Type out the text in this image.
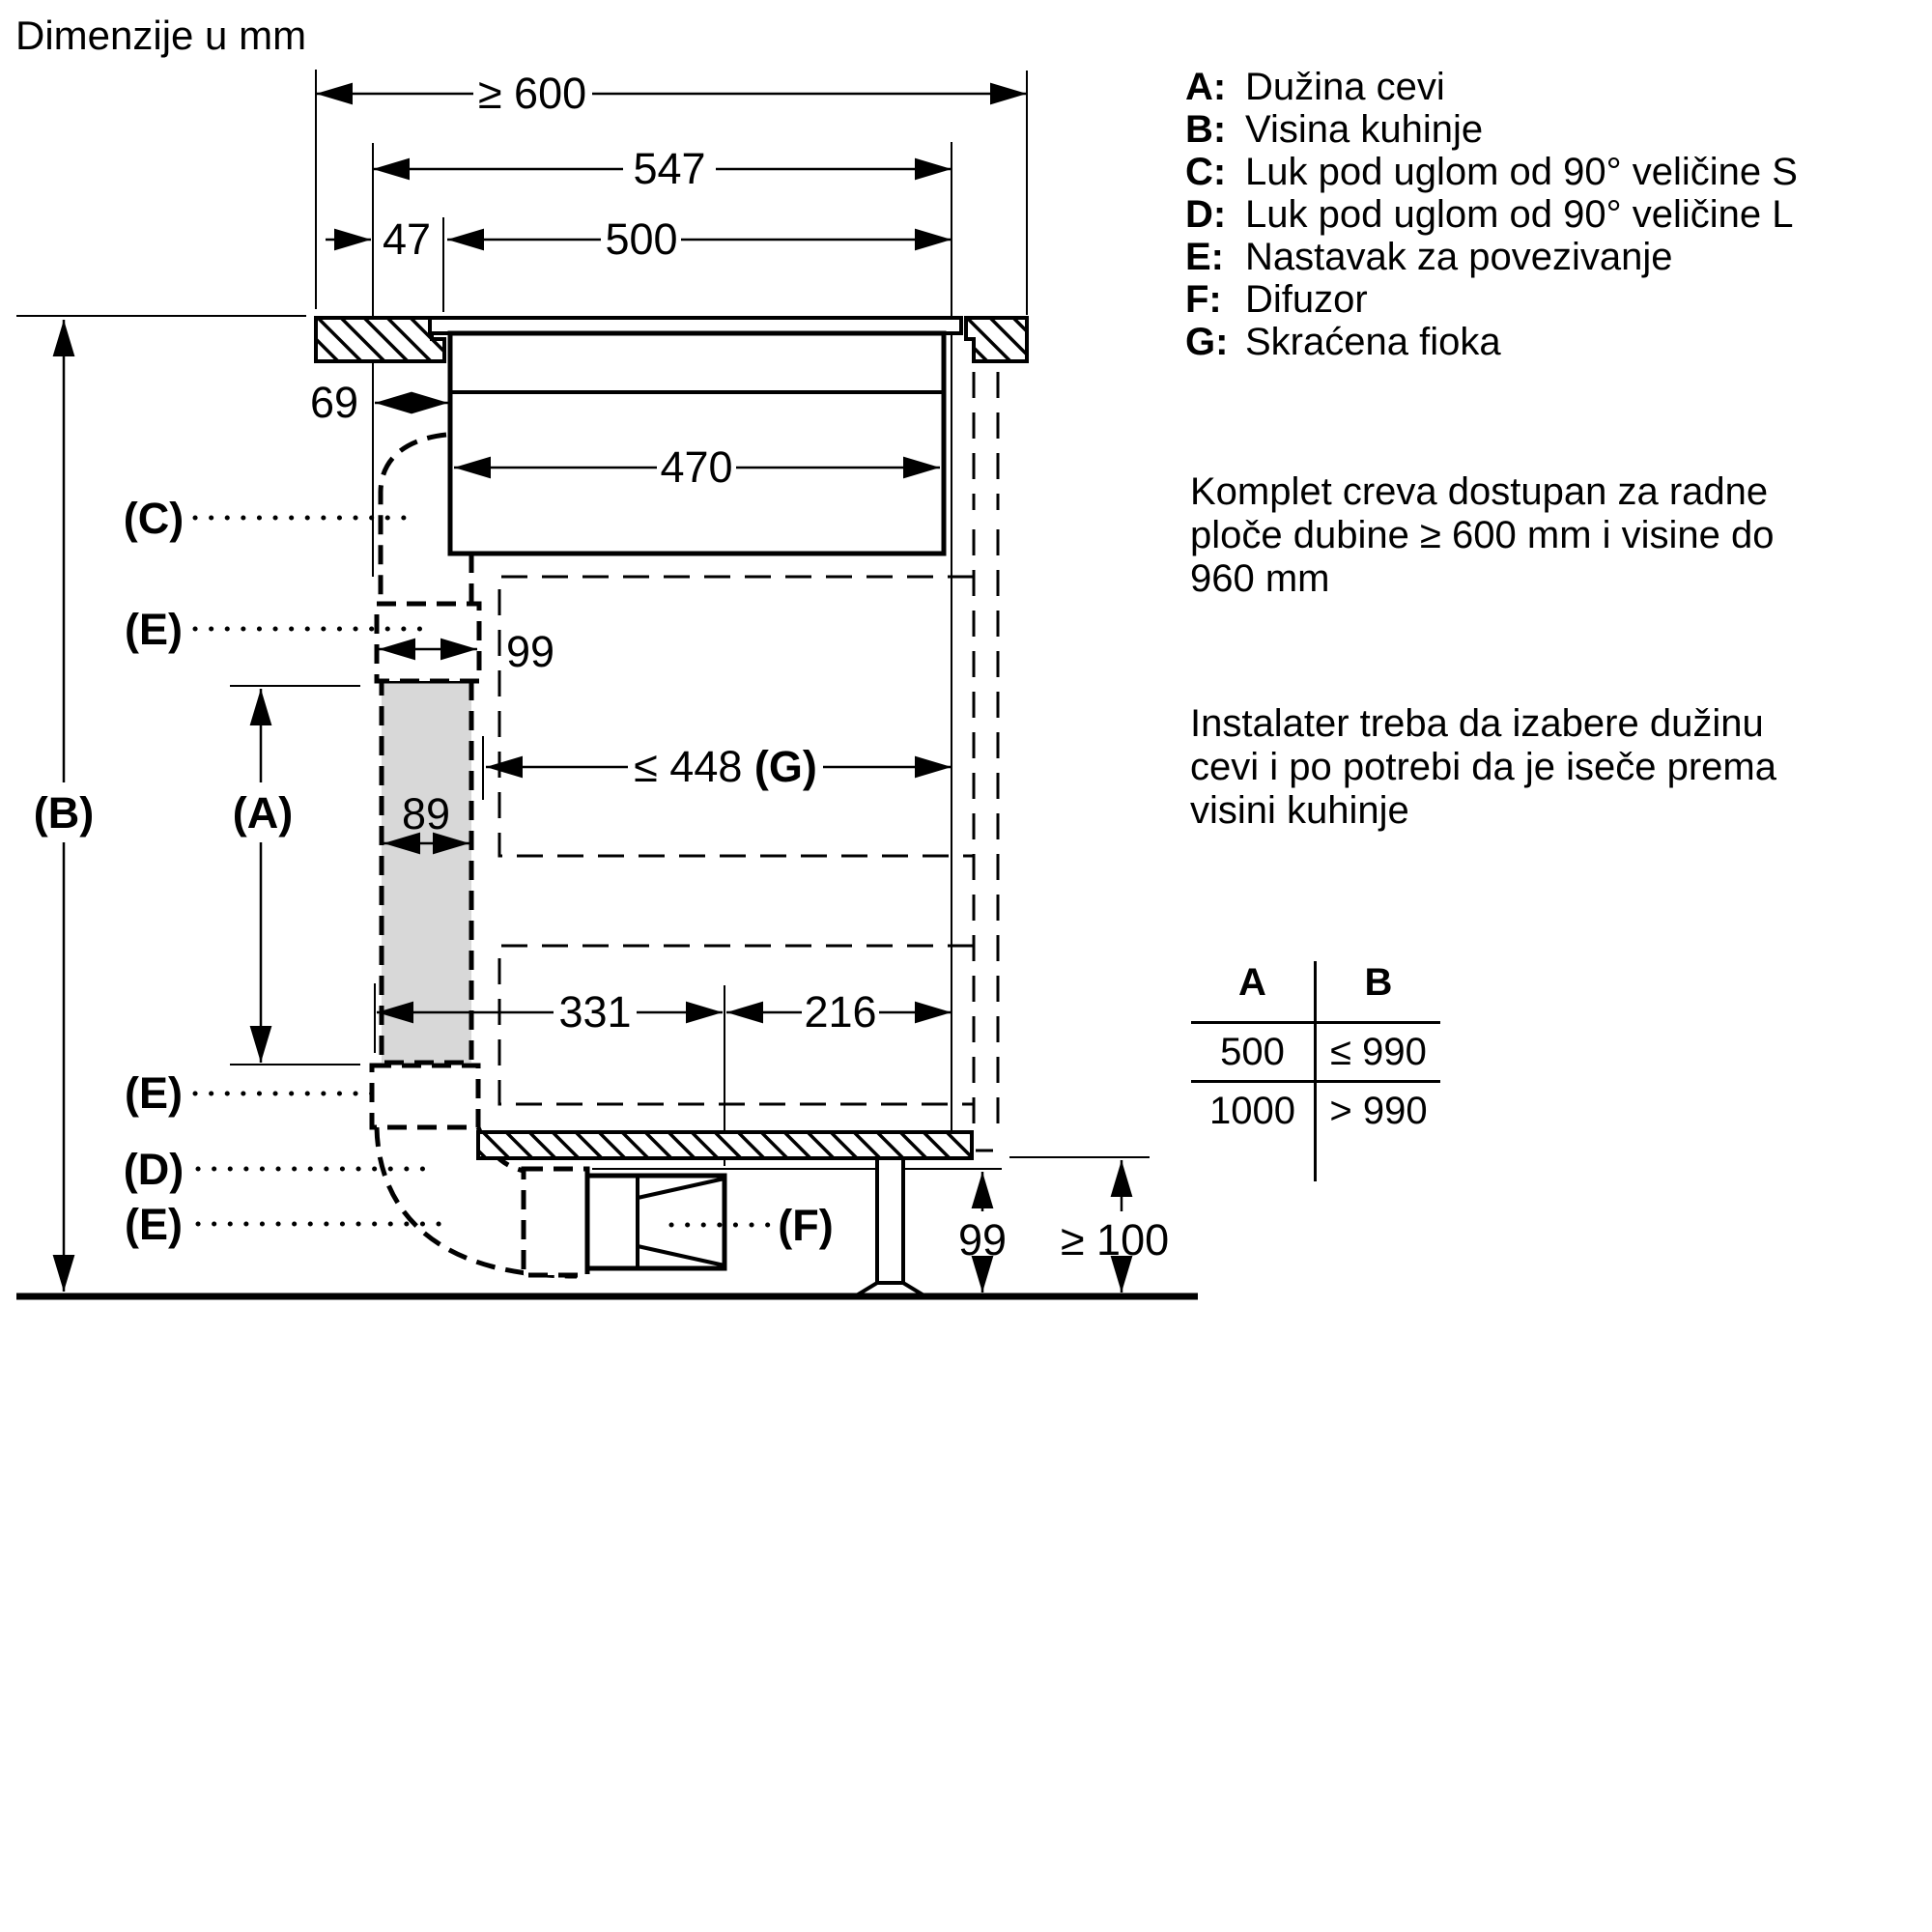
Dimenzije u mm
≥ 600
547
47	500
69
470
99
≤ 448 (G)
89
331	216
99 ≥ 100
(B)	(A)
(C)
(E)
(E)
(D)
(E)	(F)
A: Dužina cevi
B: Visina kuhinje
C: Luk pod uglom od 90° veličine S
D: Luk pod uglom od 90° veličine L
E: Nastavak za povezivanje
F: Difuzor
G: Skraćena fioka
Komplet creva dostupan za radne
ploče dubine ≥ 600 mm i visine do
960 mm
Instalater treba da izabere dužinu
cevi i po potrebi da je iseče prema
visini kuhinje
A	B
500	≤ 990
1000 > 990
